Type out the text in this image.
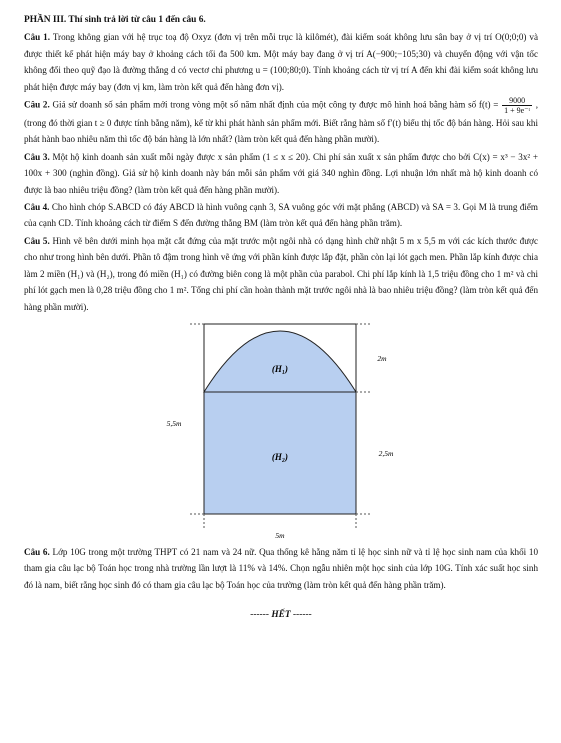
PHẦN III. Thí sinh trả lời từ câu 1 đến câu 6.
Câu 1. Trong không gian với hệ trục toạ độ Oxyz (đơn vị trên mỗi trục là kilômét), đài kiểm soát không lưu sân bay ở vị trí O(0;0;0) và được thiết kế phát hiện máy bay ở khoảng cách tối đa 500 km. Một máy bay đang ở vị trí A(−900;−105;30) và chuyển động với vận tốc không đổi theo quỹ đạo là đường thẳng d có vectơ chỉ phương u = (100;80;0). Tính khoảng cách từ vị trí A đến khi đài kiểm soát không lưu phát hiện được máy bay (đơn vị km, làm tròn kết quả đến hàng đơn vị).
Câu 2. Giả sử doanh số sản phẩm mới trong vòng một số năm nhất định của một công ty được mô hình hoá bằng hàm số $f(t) = \frac{9000}{\text{1 + 9e⁻ᵗ}}$ , (trong đó thời gian t ≥ 0 được tính bằng năm), kể từ khi phát hành sản phẩm mới. Biết rằng hàm số f′(t) biểu thị tốc độ bán hàng. Hỏi sau khi phát hành bao nhiêu năm thì tốc độ bán hàng là lớn nhất? (làm tròn kết quả đến hàng phần mười).
Câu 3. Một hộ kinh doanh sản xuất mỗi ngày được x sản phẩm (1 ≤ x ≤ 20). Chi phí sản xuất x sản phẩm được cho bởi C(x) = x³ − 3x² + 100x + 300 (nghìn đồng). Giả sử hộ kinh doanh này bán mỗi sản phẩm với giá 340 nghìn đồng. Lợi nhuận lớn nhất mà hộ kinh doanh có được là bao nhiêu triệu đồng? (làm tròn kết quả đến hàng phần mười).
Câu 4. Cho hình chóp S.ABCD có đáy ABCD là hình vuông cạnh 3, SA vuông góc với mặt phẳng (ABCD) và SA = 3. Gọi M là trung điểm của cạnh CD. Tính khoảng cách từ điểm S đến đường thẳng BM (làm tròn kết quả đến hàng phần trăm).
Câu 5. Hình vẽ bên dưới minh họa mặt cắt đứng của mặt trước một ngôi nhà có dạng hình chữ nhật 5 m x 5,5 m với các kích thước được cho như trong hình bên dưới. Phần tô đậm trong hình vẽ ứng với phần kính được lắp đặt, phần còn lại lót gạch men. Phần lắp kính được chia làm 2 miền (H₁) và (H₂), trong đó miền (H₁) có đường biên cong là một phần của parabol. Chi phí lắp kính là 1,5 triệu đồng cho 1 m² và chi phí lót gạch men là 0,28 triệu đồng cho 1 m². Tổng chi phí cần hoàn thành mặt trước ngôi nhà là bao nhiêu triệu đồng? (làm tròn kết quả đến hàng phần mười).
(H₁)
(H₂)
5,5m
2m
2,5m
5m
Câu 6. Lớp 10G trong một trường THPT có 21 nam và 24 nữ. Qua thống kê hằng năm tỉ lệ học sinh nữ và tỉ lệ học sinh nam của khối 10 tham gia câu lạc bộ Toán học trong nhà trường lần lượt là 11% và 14%. Chọn ngẫu nhiên một học sinh của lớp 10G. Tính xác suất học sinh đó là nam, biết rằng học sinh đó có tham gia câu lạc bộ Toán học của trường (làm tròn kết quả đến hàng phần trăm).
------ HẾT ------
